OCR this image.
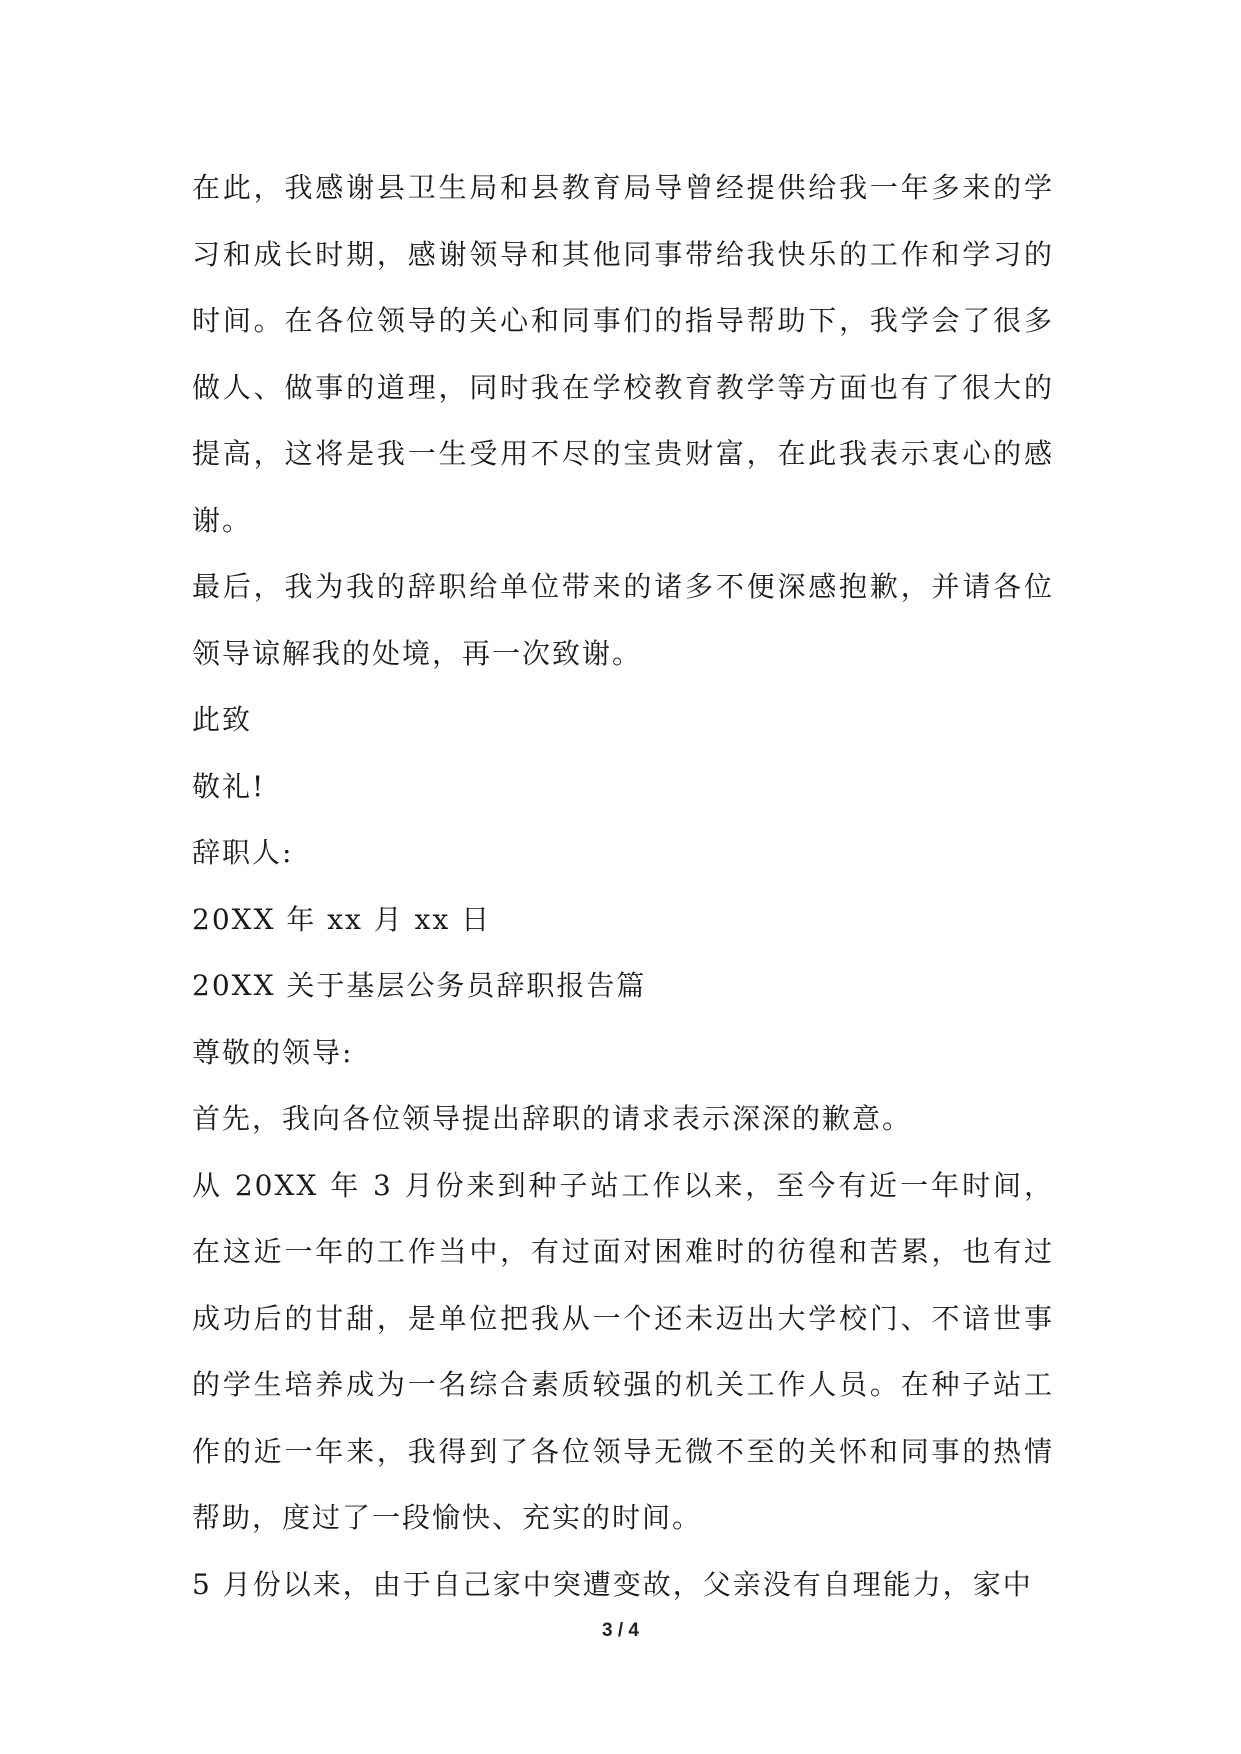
在此，我感谢县卫生局和县教育局导曾经提供给我一年多来的学习和成长时期，感谢领导和其他同事带给我快乐的工作和学习的时间。在各位领导的关心和同事们的指导帮助下，我学会了很多做人、做事的道理，同时我在学校教育教学等方面也有了很大的提高，这将是我一生受用不尽的宝贵财富，在此我表示衷心的感谢。

最后，我为我的辞职给单位带来的诸多不便深感抱歉，并请各位领导谅解我的处境，再一次致谢。

此致

敬礼!

辞职人:

20XX 年 xx 月 xx 日

20XX 关于基层公务员辞职报告篇

尊敬的领导:

首先，我向各位领导提出辞职的请求表示深深的歉意。

从 20XX 年 3 月份来到种子站工作以来，至今有近一年时间，在这近一年的工作当中，有过面对困难时的彷徨和苦累，也有过成功后的甘甜，是单位把我从一个还未迈出大学校门、不谙世事的学生培养成为一名综合素质较强的机关工作人员。在种子站工作的近一年来，我得到了各位领导无微不至的关怀和同事的热情帮助，度过了一段愉快、充实的时间。

5 月份以来，由于自己家中突遭变故，父亲没有自理能力，家中

3 / 4
